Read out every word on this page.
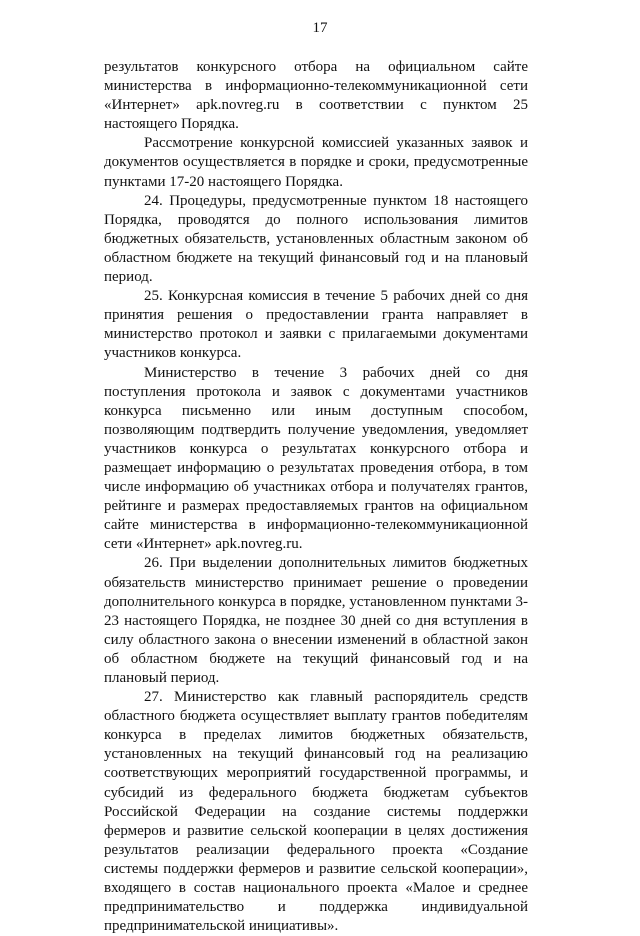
17

результатов конкурсного отбора на официальном сайте министерства в информационно-телекоммуникационной сети «Интернет» apk.novreg.ru в соответствии с пунктом 25 настоящего Порядка.

Рассмотрение конкурсной комиссией указанных заявок и документов осуществляется в порядке и сроки, предусмотренные пунктами 17-20 настоящего Порядка.

24. Процедуры, предусмотренные пунктом 18 настоящего Порядка, проводятся до полного использования лимитов бюджетных обязательств, установленных областным законом об областном бюджете на текущий финансовый год и на плановый период.

25. Конкурсная комиссия в течение 5 рабочих дней со дня принятия решения о предоставлении гранта направляет в министерство протокол и заявки с прилагаемыми документами участников конкурса.

Министерство в течение 3 рабочих дней со дня поступления протокола и заявок с документами участников конкурса письменно или иным доступным способом, позволяющим подтвердить получение уведомления, уведомляет участников конкурса о результатах конкурсного отбора и размещает информацию о результатах проведения отбора, в том числе информацию об участниках отбора и получателях грантов, рейтинге и размерах предоставляемых грантов на официальном сайте министерства в информационно-телекоммуникационной сети «Интернет» apk.novreg.ru.

26. При выделении дополнительных лимитов бюджетных обязательств министерство принимает решение о проведении дополнительного конкурса в порядке, установленном пунктами 3-23 настоящего Порядка, не позднее 30 дней со дня вступления в силу областного закона о внесении изменений в областной закон об областном бюджете на текущий финансовый год и на плановый период.

27. Министерство как главный распорядитель средств областного бюджета осуществляет выплату грантов победителям конкурса в пределах лимитов бюджетных обязательств, установленных на текущий финансовый год на реализацию соответствующих мероприятий государственной программы, и субсидий из федерального бюджета бюджетам субъектов Российской Федерации на создание системы поддержки фермеров и развитие сельской кооперации в целях достижения результатов реализации федерального проекта «Создание системы поддержки фермеров и развитие сельской кооперации», входящего в состав национального проекта «Малое и среднее предпринимательство и поддержка индивидуальной предпринимательской инициативы».
